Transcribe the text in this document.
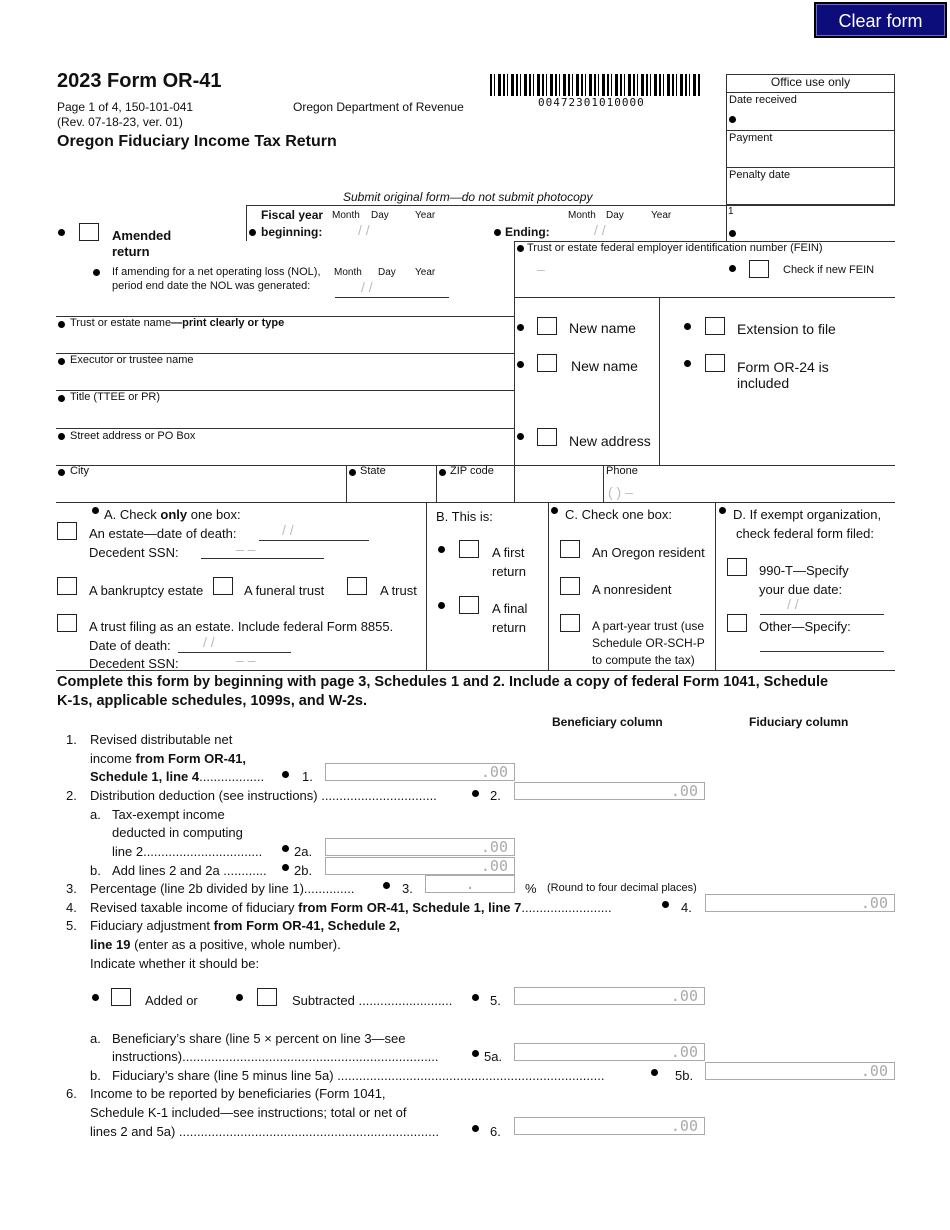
Clear form
2023 Form OR-41
Page 1 of 4, 150-101-041
(Rev. 07-18-23, ver. 01)
Oregon Department of Revenue
Oregon Fiduciary Income Tax Return
00472301010000
Office use only
Date received
Payment
Penalty date
Submit original form—do not submit photocopy
1
Amended
return
Fiscal year
beginning:
Month Day	Year
/ /	Ending:
Month Day	Year
/ /
If amending for a net operating loss (NOL),
period end date the NOL was generated:
Month Day Year
/ /
Trust or estate federal employer identification number (FEIN)
–	Check if new FEIN
Trust or estate name—print clearly or type
Executor or trustee name
Title (TTEE or PR)
Street address or PO Box
City	State	ZIP code	Phone
( ) –
New name
New name
New address
Extension to file
Form OR-24 is
included
A. Check only one box:
An estate—date of death:	/ /
Decedent SSN:	– –
A bankruptcy estate	A funeral trust	A trust
A trust filing as an estate. Include federal Form 8855.
Date of death: / /
Decedent SSN:	– –
B. This is:
A first
return
A final
return
C. Check one box:
An Oregon resident
A nonresident
A part-year trust (use
Schedule OR-SCH-P
to compute the tax)
D. If exempt organization,
check federal form filed:
990-T—Specify
your due date:
/ /
Other—Specify:
Complete this form by beginning with page 3, Schedules 1 and 2. Include a copy of federal Form 1041, Schedule
K-1s, applicable schedules, 1099s, and W-2s.
Beneficiary column	Fiduciary column
1. Revised distributable net
income from Form OR-41,
Schedule 1, line 4..................	1.	.00
2. Distribution deduction (see instructions) ................................	2.	.00
a. Tax-exempt income
deducted in computing
line 2................................. 2a.	.00
b. Add lines 2 and 2a ............ 2b.	.00
3. Percentage (line 2b divided by line 1)..............	3.	.	% (Round to four decimal places)
4. Revised taxable income of fiduciary from Form OR-41, Schedule 1, line 7.........................	4.	.00
5. Fiduciary adjustment from Form OR-41, Schedule 2,
line 19 (enter as a positive, whole number).
Indicate whether it should be:
Added or	Subtracted ..........................	5.	.00
a. Beneficiary’s share (line 5 × percent on line 3—see
instructions).......................................................................	5a.	.00
b. Fiduciary’s share (line 5 minus line 5a) ..........................................................................	5b.	.00
6. Income to be reported by beneficiaries (Form 1041,
Schedule K-1 included—see instructions; total or net of
lines 2 and 5a) ........................................................................	6.	.00
